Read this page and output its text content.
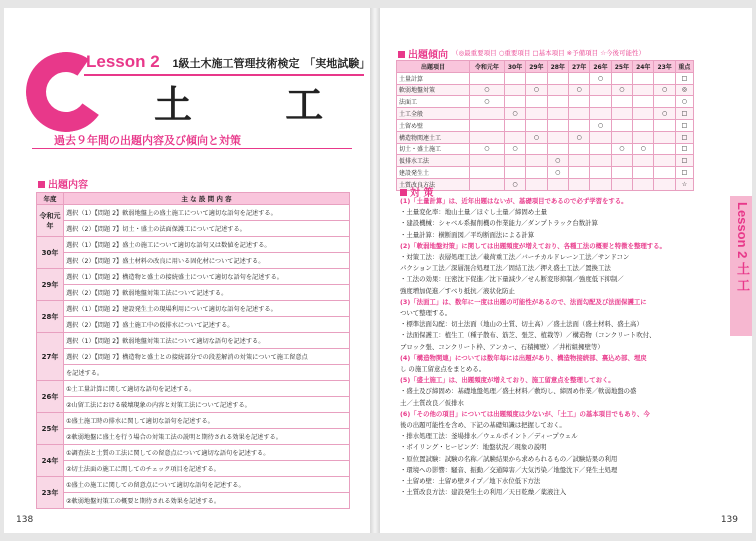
Lesson 2 1級土木施工管理技術検定 「実地試験」
土 工
過去９年間の出題内容及び傾向と対策
出題内容
年度	主 な 設 問 内 容
令和元年	選択（1）【問題 2】軟弱地盤上の盛土施工について適切な語句を記述する。
	選択（2）【問題 7】切土・盛土の法面保護工について記述する。
30年	選択（1）【問題 2】盛土の施工について適切な語句又は数値を記述する。
	選択（2）【問題 7】盛土材料の改良に用いる固化材について記述する。
29年	選択（1）【問題 2】構造物と盛土の接続盛土について適切な語句を記述する。
	選択（2）【問題 7】軟弱地盤対策工法について記述する。
28年	選択（1）【問題 2】建設発生土の現場利用について適切な語句を記述する。
	選択（2）【問題 7】盛土施工中の仮排水について記述する。
27年	選択（1）【問題 2】軟弱地盤対策工法について適切な語句を記述する。
	選択（2）【問題 7】構造物と盛土との接続部分での段差解消の対策について施工留意点
	を記述する。
26年	①土工量計算に関して適切な語句を記述する。
	②山留工法における破壊現象の内容と対策工法について記述する。
25年	①盛土施工時の排水に関して適切な語句を記述する。
	②軟弱地盤に盛土を行う場合の対策工法の説明と期待される効果を記述する。
24年	①調査法と土質の工法に関しての留意点について適切な語句を記述する。
	②切土法面の施工に関してのチェック項目を記述する。
23年	①盛土の施工に関しての留意点について適切な語句を記述する。
	②軟弱地盤対策工の概要と期待される効果を記述する。
138
出題傾向 （◎最重要項目 ○重要項目 □基本項目 ※予備項目 ☆今後可能性）
出題項目	令和元年	30年	29年	28年	27年	26年	25年	24年	23年	重点
土量計算						○				□
軟弱地盤対策	○		○		○		○		○	◎
法面工	○									○
土工全般		○							○	□
土留め壁						○				□
構造物関連土工			○		○					□
切土・盛土施工	○	○					○	○		□
仮排水工法				○						□
建設発生土				○						□
土質改良方法		○								☆
対 策
(1)「土量計算」は、近年出題はないが、基礎項目であるので必ず学習をする。
・土量変化率：地山土量／ほぐし土量／締固め土量
・建設機械：シャベル系掘削機の作業能力／ダンプトラック台数計算
・土量計算：横断面図／平均断面法による計算
(2)「軟弱地盤対策」に関しては出題頻度が増えており、各種工法の概要と特徴を整理する。
・対策工法：表層処理工法／載荷重工法／バーチカルドレーン工法／サンドコン
パクション工法／深層混合処理工法／固結工法／押え盛土工法／置換工法
・工法の効果：圧密沈下促進／沈下量減少／せん断変形抑制／強度低下抑制／
強度増加促進／すべり抵抗／液状化防止
(3)「法面工」は、数年に一度は出題の可能性があるので、法面勾配及び法面保護工に
ついて整理する。
・標準法面勾配：切土法面（地山の土質、切土高）／盛土法面（盛土材料、盛土高）
・法面保護工：植生工（種子散布、筋芝、張芝、植栽等）／構造物（コンクリート吹付、
ブロック張、コンクリート枠、アンカー、石積擁壁）／井桁組擁壁等）
(4)「構造物関連」については数年毎には出題があり、構造物接続部、裏込め部、埋戻
し の施工留意点をまとめる。
(5)「盛土施工」は、出題頻度が増えており、施工留意点を整理しておく。
・盛土及び締固め：基礎地盤処理／盛土材料／敷均し、締固め作業／軟弱地盤の盛
土／土質改良／仮排水
(6)「その他の項目」については出題頻度は少ないが、「土工」の基本項目でもあり、今
後の出題可能性を含め、下記の基礎知識は把握しておく。
・排水処理工法：釜場排水／ウェルポイント／ディープウェル
・ボイリング・ヒービング：地盤状況／現象の説明
・原位置試験：試験の名称／試験結果から求められるもの／試験結果の利用
・環境への影響：騒音、振動／交通障害／大気汚染／地盤沈下／発生土処理
・土留め壁：土留め壁タイプ／地下水位低下方法
・土質改良方法：建設発生土の利用／天日乾燥／薬液注入
Lesson 2 土 工
139
